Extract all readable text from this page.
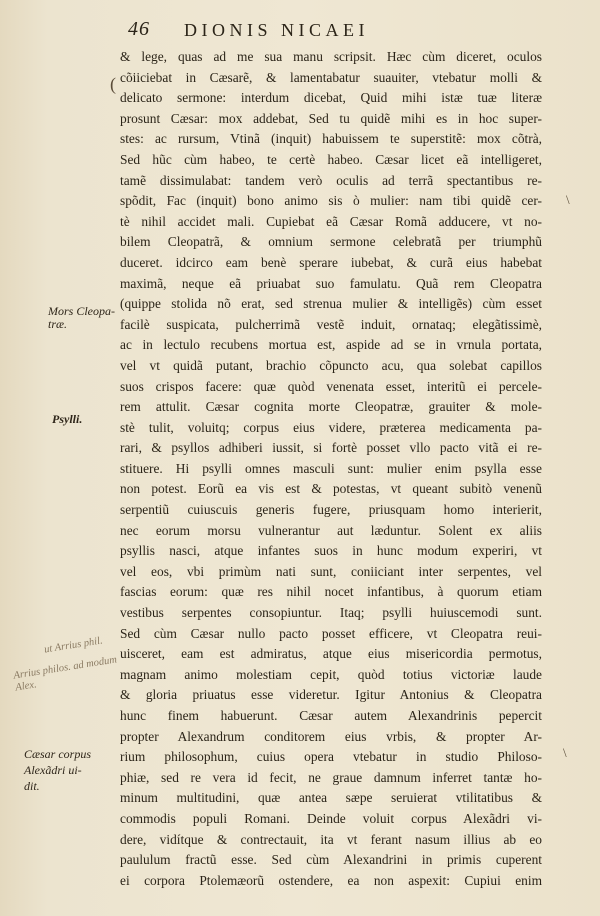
46 DIONIS NICAEI
Mors Cleopa-
træ.
Psylli.
Cæsar corpus
Alexãdri ui-
dit.
ut Arrius phil.
Arrius philos. ad modum Alex.
(
\
\
& lege, quas ad me sua manu scripsit. Hæc cùm diceret, oculos
cõiiciebat in Cæsarẽ, & lamentabatur suauiter, vtebatur molli &
delicato sermone: interdum dicebat, Quid mihi istæ tuæ literæ
prosunt Cæsar: mox addebat, Sed tu quidẽ mihi es in hoc super-
stes: ac rursum, Vtinã (inquit) habuissem te superstitẽ: mox cõtrà,
Sed hũc cùm habeo, te certè habeo. Cæsar licet eã intelligeret,
tamẽ dissimulabat: tandem verò oculis ad terrã spectantibus re-
spõdit, Fac (inquit) bono animo sis ò mulier: nam tibi quidẽ cer-
tè nihil accidet mali. Cupiebat eã Cæsar Romã adducere, vt no-
bilem Cleopatrã, & omnium sermone celebratã per triumphũ
duceret. idcirco eam benè sperare iubebat, & curã eius habebat
maximã, neque eã priuabat suo famulatu. Quã rem Cleopatra
(quippe stolida nõ erat, sed strenua mulier & intelligẽs) cùm esset
facilè suspicata, pulcherrimã vestẽ induit, ornataq; elegãtissimè,
ac in lectulo recubens mortua est, aspide ad se in vrnula portata,
vel vt quidã putant, brachio cõpuncto acu, qua solebat capillos
suos crispos facere: quæ quòd venenata esset, interitũ ei percele-
rem attulit. Cæsar cognita morte Cleopatræ, grauiter & mole-
stè tulit, voluitq; corpus eius videre, præterea medicamenta pa-
rari, & psyllos adhiberi iussit, si fortè posset vllo pacto vitã ei re-
stituere. Hi psylli omnes masculi sunt: mulier enim psylla esse
non potest. Eorũ ea vis est & potestas, vt queant subitò venenũ
serpentiũ cuiuscuis generis fugere, priusquam homo interierit,
nec eorum morsu vulnerantur aut læduntur. Solent ex aliis
psyllis nasci, atque infantes suos in hunc modum experiri, vt
vel eos, vbi primùm nati sunt, coniiciant inter serpentes, vel
fascias eorum: quæ res nihil nocet infantibus, à quorum etiam
vestibus serpentes consopiuntur. Itaq; psylli huiuscemodi sunt.
Sed cùm Cæsar nullo pacto posset efficere, vt Cleopatra reui-
uisceret, eam est admiratus, atque eius misericordia permotus,
magnam animo molestiam cepit, quòd totius victoriæ laude
& gloria priuatus esse videretur. Igitur Antonius & Cleopatra
hunc finem habuerunt. Cæsar autem Alexandrinis pepercit
propter Alexandrum conditorem eius vrbis, & propter Ar-
rium philosophum, cuius opera vtebatur in studio Philoso-
phiæ, sed re vera id fecit, ne graue damnum inferret tantæ ho-
minum multitudini, quæ antea sæpe seruierat vtilitatibus &
commodis populi Romani. Deinde voluit corpus Alexãdri vi-
dere, vidítque & contrectauit, ita vt ferant nasum illius ab eo
paululum fractũ esse. Sed cùm Alexandrini in primis cuperent
ei corpora Ptolemæorũ ostendere, ea non aspexit: Cupiui enim
